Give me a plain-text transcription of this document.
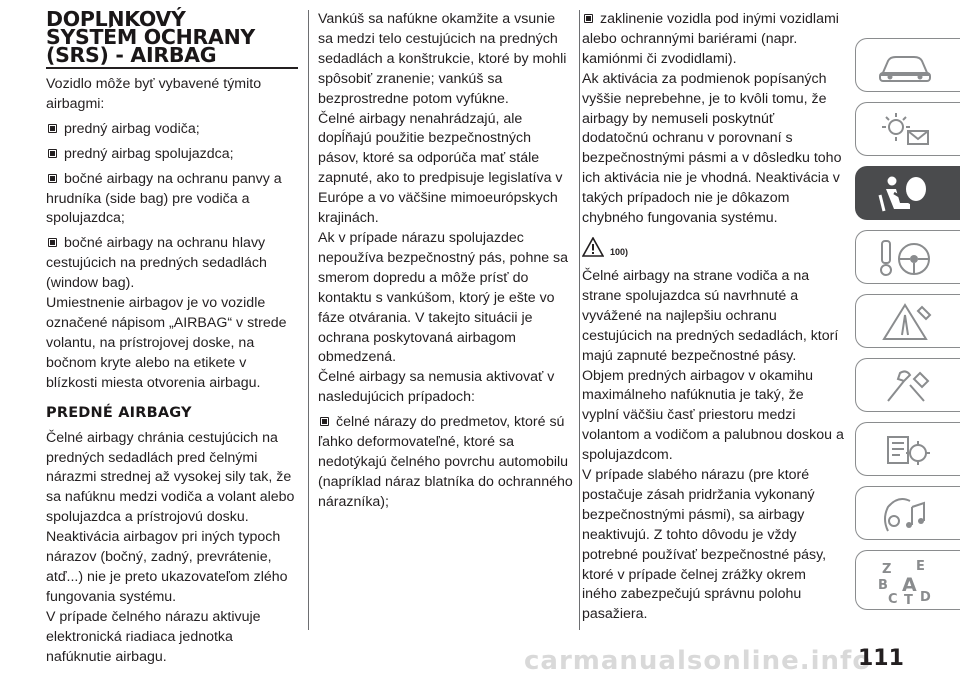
DOPLNKOVÝ
SYSTÉM OCHRANY
(SRS) - AIRBAG

Vozidlo môže byť vybavené týmito airbagmi:

predný airbag vodiča;
predný airbag spolujazdca;
bočné airbagy na ochranu panvy a hrudníka (side bag) pre vodiča a spolujazdca;
bočné airbagy na ochranu hlavy cestujúcich na predných sedadlách (window bag).

Umiestnenie airbagov je vo vozidle označené nápisom „AIRBAG“ v strede volantu, na prístrojovej doske, na bočnom kryte alebo na etikete v blízkosti miesta otvorenia airbagu.

PREDNÉ AIRBAGY

Čelné airbagy chránia cestujúcich na predných sedadlách pred čelnými nárazmi strednej až vysokej sily tak, že sa nafúknu medzi vodiča a volant alebo spolujazdca a prístrojovú dosku.

Neaktivácia airbagov pri iných typoch nárazov (bočný, zadný, prevrátenie, atď...) nie je preto ukazovateľom zlého fungovania systému.

V prípade čelného nárazu aktivuje elektronická riadiaca jednotka nafúknutie airbagu.

Vankúš sa nafúkne okamžite a vsunie sa medzi telo cestujúcich na predných sedadlách a konštrukcie, ktoré by mohli spôsobiť zranenie; vankúš sa bezprostredne potom vyfúkne.

Čelné airbagy nenahrádzajú, ale dopĺňajú použitie bezpečnostných pásov, ktoré sa odporúča mať stále zapnuté, ako to predpisuje legislatíva v Európe a vo väčšine mimoeurópskych krajinách.

Ak v prípade nárazu spolujazdec nepoužíva bezpečnostný pás, pohne sa smerom dopredu a môže prísť do kontaktu s vankúšom, ktorý je ešte vo fáze otvárania. V takejto situácii je ochrana poskytovaná airbagom obmedzená.

Čelné airbagy sa nemusia aktivovať v nasledujúcich prípadoch:

čelné nárazy do predmetov, ktoré sú ľahko deformovateľné, ktoré sa nedotýkajú čelného povrchu automobilu (napríklad náraz blatníka do ochranného nárazníka);
zaklinenie vozidla pod inými vozidlami alebo ochrannými bariérami (napr. kamiónmi či zvodidlami).

Ak aktivácia za podmienok popísaných vyššie neprebehne, je to kvôli tomu, že airbagy by nemuseli poskytnúť dodatočnú ochranu v porovnaní s bezpečnostnými pásmi a v dôsledku toho ich aktivácia nie je vhodná. Neaktivácia v takých prípadoch nie je dôkazom chybného fungovania systému.

100)

Čelné airbagy na strane vodiča a na strane spolujazdca sú navrhnuté a vyvážené na najlepšiu ochranu cestujúcich na predných sedadlách, ktorí majú zapnuté bezpečnostné pásy.

Objem predných airbagov v okamihu maximálneho nafúknutia je taký, že vyplní väčšiu časť priestoru medzi volantom a vodičom a palubnou doskou a spolujazdcom.

V prípade slabého nárazu (pre ktoré postačuje zásah pridržania vykonaný bezpečnostnými pásmi), sa airbagy neaktivujú. Z tohto dôvodu je vždy potrebné používať bezpečnostné pásy, ktoré v prípade čelnej zrážky okrem iného zabezpečujú správnu polohu pasažiera.

Z E
B A
C T D
carmanualsonline.info
111
